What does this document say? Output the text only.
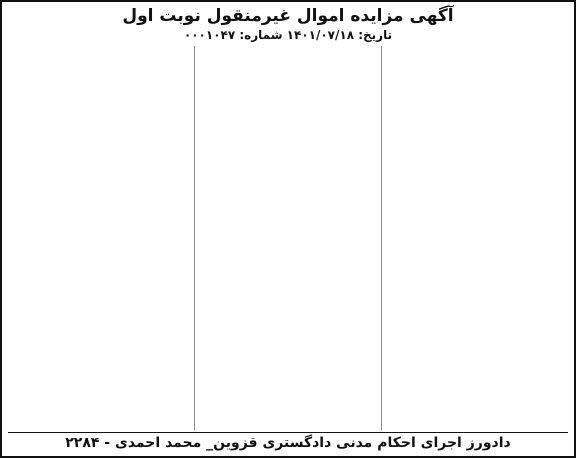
آگهی مزایده اموال غیرمنقول نوبت اول

تاریخ: ۱۴۰۱/۰۷/۱۸ شماره: ۰۰۰۱۰۴۷

دادورز اجرای احکام مدنی دادگستری قزوین_ محمد احمدی - ۲۲۸۴
